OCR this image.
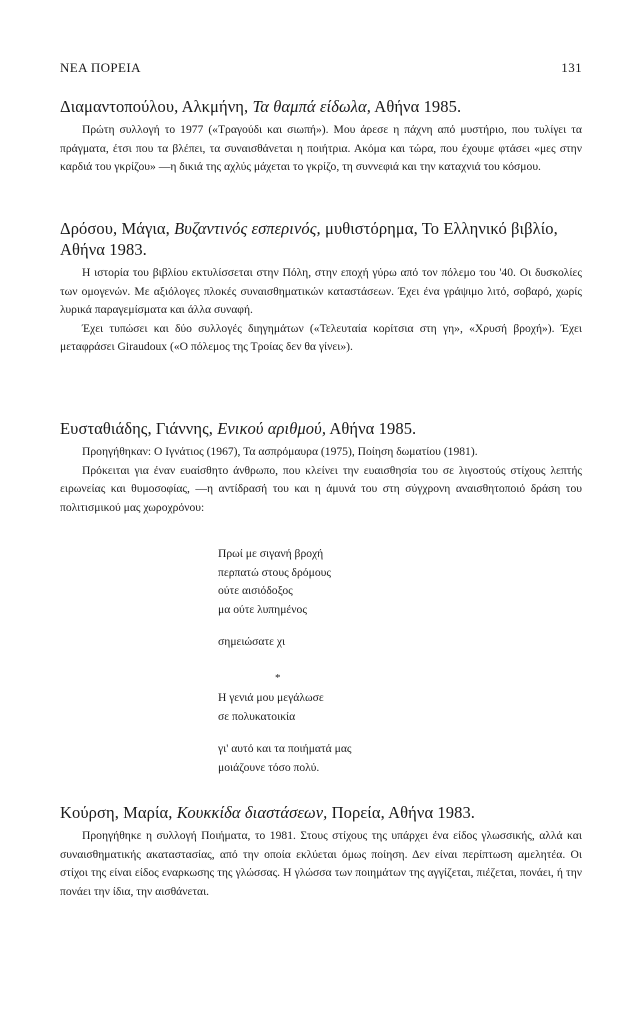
ΝΕΑ ΠΟΡΕΙΑ	131
Διαμαντοπούλου, Αλκμήνη, Τα θαμπά είδωλα, Αθήνα 1985.
Πρώτη συλλογή το 1977 («Τραγούδι και σιωπή»). Μου άρεσε η πάχνη από μυστήριο, που τυλίγει τα πράγματα, έτσι που τα βλέπει, τα συναισθάνεται η ποιήτρια. Ακόμα και τώρα, που έχουμε φτάσει «μες στην καρδιά του γκρίζου» —η δικιά της αχλύς μάχεται το γκρίζο, τη συννεφιά και την καταχνιά του κόσμου.
Δρόσου, Μάγια, Βυζαντινός εσπερινός, μυθιστόρημα, Το Ελληνικό βιβλίο, Αθήνα 1983.
Η ιστορία του βιβλίου εκτυλίσσεται στην Πόλη, στην εποχή γύρω από τον πόλεμο του '40. Οι δυσκολίες των ομογενών. Με αξιόλογες πλοκές συναισθηματικών καταστάσεων. Έχει ένα γράψιμο λιτό, σοβαρό, χωρίς λυρικά παραγεμίσματα και άλλα συναφή.
Έχει τυπώσει και δύο συλλογές διηγημάτων («Τελευταία κορίτσια στη γη», «Χρυσή βροχή»). Έχει μεταφράσει Giraudoux («Ο πόλεμος της Τροίας δεν θα γίνει»).
Ευσταθιάδης, Γιάννης, Ενικού αριθμού, Αθήνα 1985.
Προηγήθηκαν: Ο Ιγνάτιος (1967), Τα ασπρόμαυρα (1975), Ποίηση δωματίου (1981).
Πρόκειται για έναν ευαίσθητο άνθρωπο, που κλείνει την ευαισθησία του σε λιγοστούς στίχους λεπτής ειρωνείας και θυμοσοφίας, —η αντίδρασή του και η άμυνά του στη σύγχρονη αναισθητοποιό δράση του πολιτισμικού μας χωροχρόνου:
Πρωί με σιγανή βροχή
περπατώ στους δρόμους
ούτε αισιόδοξος
μα ούτε λυπημένος
σημειώσατε χι
*
Η γενιά μου μεγάλωσε
σε πολυκατοικία
γι' αυτό και τα ποιήματά μας
μοιάζουνε τόσο πολύ.
Κούρση, Μαρία, Κουκκίδα διαστάσεων, Πορεία, Αθήνα 1983.
Προηγήθηκε η συλλογή Ποιήματα, το 1981. Στους στίχους της υπάρχει ένα είδος γλωσσικής, αλλά και συναισθηματικής ακαταστασίας, από την οποία εκλύεται όμως ποίηση. Δεν είναι περίπτωση αμελητέα. Οι στίχοι της είναι είδος εναρκωσης της γλώσσας. Η γλώσσα των ποιημάτων της αγγίζεται, πιέζεται, πονάει, ή την πονάει την ίδια, την αισθάνεται.
